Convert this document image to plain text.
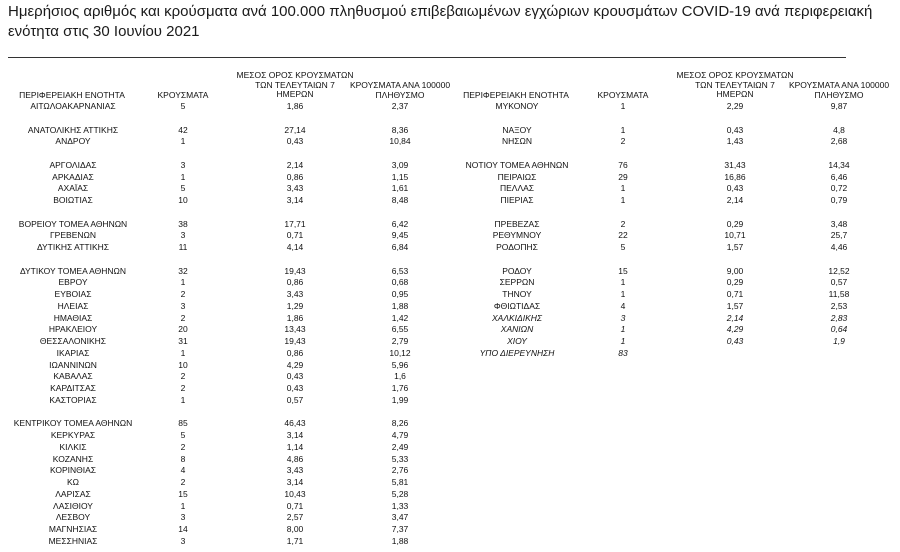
Ημερήσιος αριθμός και κρούσματα ανά 100.000 πληθυσμού επιβεβαιωμένων εγχώριων κρουσμάτων COVID-19 ανά περιφερειακή ενότητα στις 30 Ιουνίου 2021
ΠΕΡΙΦΕΡΕΙΑΚΗ ΕΝΟΤΗΤΑ	ΚΡΟΥΣΜΑΤΑ
ΜΕΣΟΣ ΟΡΟΣ ΚΡΟΥΣΜΑΤΩΝ
ΤΩΝ ΤΕΛΕΥΤΑΙΩΝ 7
ΗΜΕΡΩΝ
ΚΡΟΥΣΜΑΤΑ ΑΝΑ 100000
ΠΛΗΘΥΣΜΟ	ΠΕΡΙΦΕΡΕΙΑΚΗ ΕΝΟΤΗΤΑ	ΚΡΟΥΣΜΑΤΑ
ΜΕΣΟΣ ΟΡΟΣ ΚΡΟΥΣΜΑΤΩΝ
ΤΩΝ ΤΕΛΕΥΤΑΙΩΝ 7
ΗΜΕΡΩΝ
ΚΡΟΥΣΜΑΤΑ ΑΝΑ 100000
ΠΛΗΘΥΣΜΟ
ΑΙΤΩΛΟΑΚΑΡΝΑΝΙΑΣ	5	1,86	2,37
ΑΝΑΤΟΛΙΚΗΣ ΑΤΤΙΚΗΣ	42	27,14	8,36
ΑΝΔΡΟΥ	1	0,43	10,84
ΑΡΓΟΛΙΔΑΣ	3	2,14	3,09
ΑΡΚΑΔΙΑΣ	1	0,86	1,15
ΑΧΑΪΑΣ	5	3,43	1,61
ΒΟΙΩΤΙΑΣ	10	3,14	8,48
ΒΟΡΕΙΟΥ ΤΟΜΕΑ ΑΘΗΝΩΝ	38	17,71	6,42
ΓΡΕΒΕΝΩΝ	3	0,71	9,45
ΔΥΤΙΚΗΣ ΑΤΤΙΚΗΣ	11	4,14	6,84
ΔΥΤΙΚΟΥ ΤΟΜΕΑ ΑΘΗΝΩΝ	32	19,43	6,53
ΕΒΡΟΥ	1	0,86	0,68
ΕΥΒΟΙΑΣ	2	3,43	0,95
ΗΛΕΙΑΣ	3	1,29	1,88
ΗΜΑΘΙΑΣ	2	1,86	1,42
ΗΡΑΚΛΕΙΟΥ	20	13,43	6,55
ΘΕΣΣΑΛΟΝΙΚΗΣ	31	19,43	2,79
ΙΚΑΡΙΑΣ	1	0,86	10,12
ΙΩΑΝΝΙΝΩΝ	10	4,29	5,96
ΚΑΒΑΛΑΣ	2	0,43	1,6
ΚΑΡΔΙΤΣΑΣ	2	0,43	1,76
ΚΑΣΤΟΡΙΑΣ	1	0,57	1,99
ΚΕΝΤΡΙΚΟΥ ΤΟΜΕΑ ΑΘΗΝΩΝ	85	46,43	8,26
ΚΕΡΚΥΡΑΣ	5	3,14	4,79
ΚΙΛΚΙΣ	2	1,14	2,49
ΚΟΖΑΝΗΣ	8	4,86	5,33
ΚΟΡΙΝΘΙΑΣ	4	3,43	2,76
ΚΩ	2	3,14	5,81
ΛΑΡΙΣΑΣ	15	10,43	5,28
ΛΑΣΙΘΙΟΥ	1	0,71	1,33
ΛΕΣΒΟΥ	3	2,57	3,47
ΜΑΓΝΗΣΙΑΣ	14	8,00	7,37
ΜΕΣΣΗΝΙΑΣ	3	1,71	1,88
ΜΥΚΟΝΟΥ	1	2,29	9,87
ΝΑΞΟΥ	1	0,43	4,8
ΝΗΣΩΝ	2	1,43	2,68
ΝΟΤΙΟΥ ΤΟΜΕΑ ΑΘΗΝΩΝ	76	31,43	14,34
ΠΕΙΡΑΙΩΣ	29	16,86	6,46
ΠΕΛΛΑΣ	1	0,43	0,72
ΠΙΕΡΙΑΣ	1	2,14	0,79
ΠΡΕΒΕΖΑΣ	2	0,29	3,48
ΡΕΘΥΜΝΟΥ	22	10,71	25,7
ΡΟΔΟΠΗΣ	5	1,57	4,46
ΡΟΔΟΥ	15	9,00	12,52
ΣΕΡΡΩΝ	1	0,29	0,57
ΤΗΝΟΥ	1	0,71	11,58
ΦΘΙΩΤΙΔΑΣ	4	1,57	2,53
ΧΑΛΚΙΔΙΚΗΣ	3	2,14	2,83
ΧΑΝΙΩΝ	1	4,29	0,64
ΧΙΟΥ	1	0,43	1,9
ΥΠΟ ΔΙΕΡΕΥΝΗΣΗ	83
